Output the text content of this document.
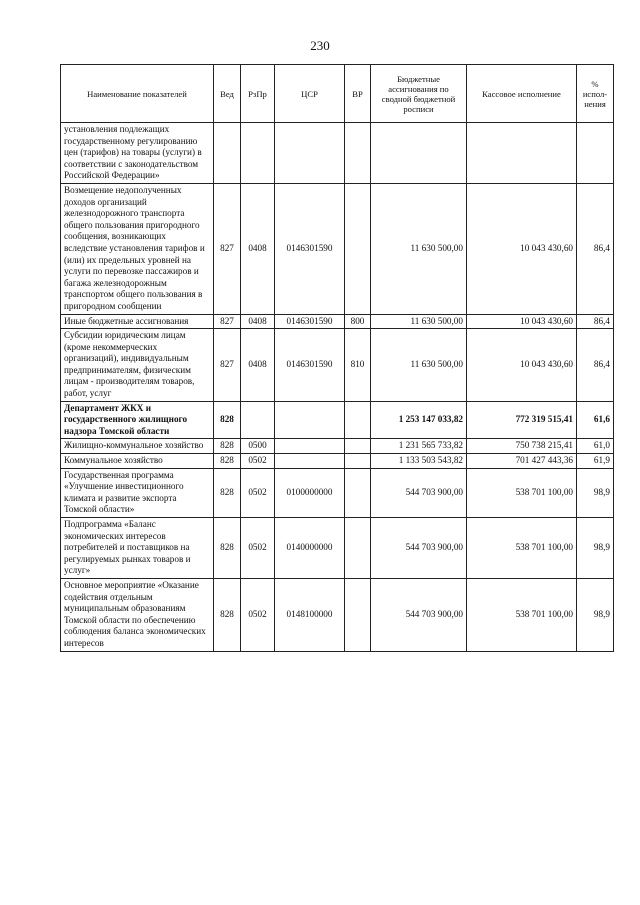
230
Наименование показателей	Вед	РзПр	ЦСР	ВР	Бюджетные ассигнования по сводной бюджетной росписи	Кассовое исполнение	% испол-нения
установления подлежащих государственному регулированию цен (тарифов) на товары (услуги) в соответствии с законодательством Российской Федерации»							
Возмещение недополученных доходов организаций железнодорожного транспорта общего пользования пригородного сообщения, возникающих вследствие установления тарифов и (или) их предельных уровней на услуги по перевозке пассажиров и багажа железнодорожным транспортом общего пользования в пригородном сообщении	827	0408	0146301590		11 630 500,00	10 043 430,60	86,4
Иные бюджетные ассигнования	827	0408	0146301590	800	11 630 500,00	10 043 430,60	86,4
Субсидии юридическим лицам (кроме некоммерческих организаций), индивидуальным предпринимателям, физическим лицам - производителям товаров, работ, услуг	827	0408	0146301590	810	11 630 500,00	10 043 430,60	86,4
Департамент ЖКХ и государственного жилищного надзора Томской области	828				1 253 147 033,82	772 319 515,41	61,6
Жилищно-коммунальное хозяйство	828	0500			1 231 565 733,82	750 738 215,41	61,0
Коммунальное хозяйство	828	0502			1 133 503 543,82	701 427 443,36	61,9
Государственная программа «Улучшение инвестиционного климата и развитие экспорта Томской области»	828	0502	0100000000		544 703 900,00	538 701 100,00	98,9
Подпрограмма «Баланс экономических интересов потребителей и поставщиков на регулируемых рынках товаров и услуг»	828	0502	0140000000		544 703 900,00	538 701 100,00	98,9
Основное мероприятие «Оказание содействия отдельным муниципальным образованиям Томской области по обеспечению соблюдения баланса экономических интересов	828	0502	0148100000		544 703 900,00	538 701 100,00	98,9
